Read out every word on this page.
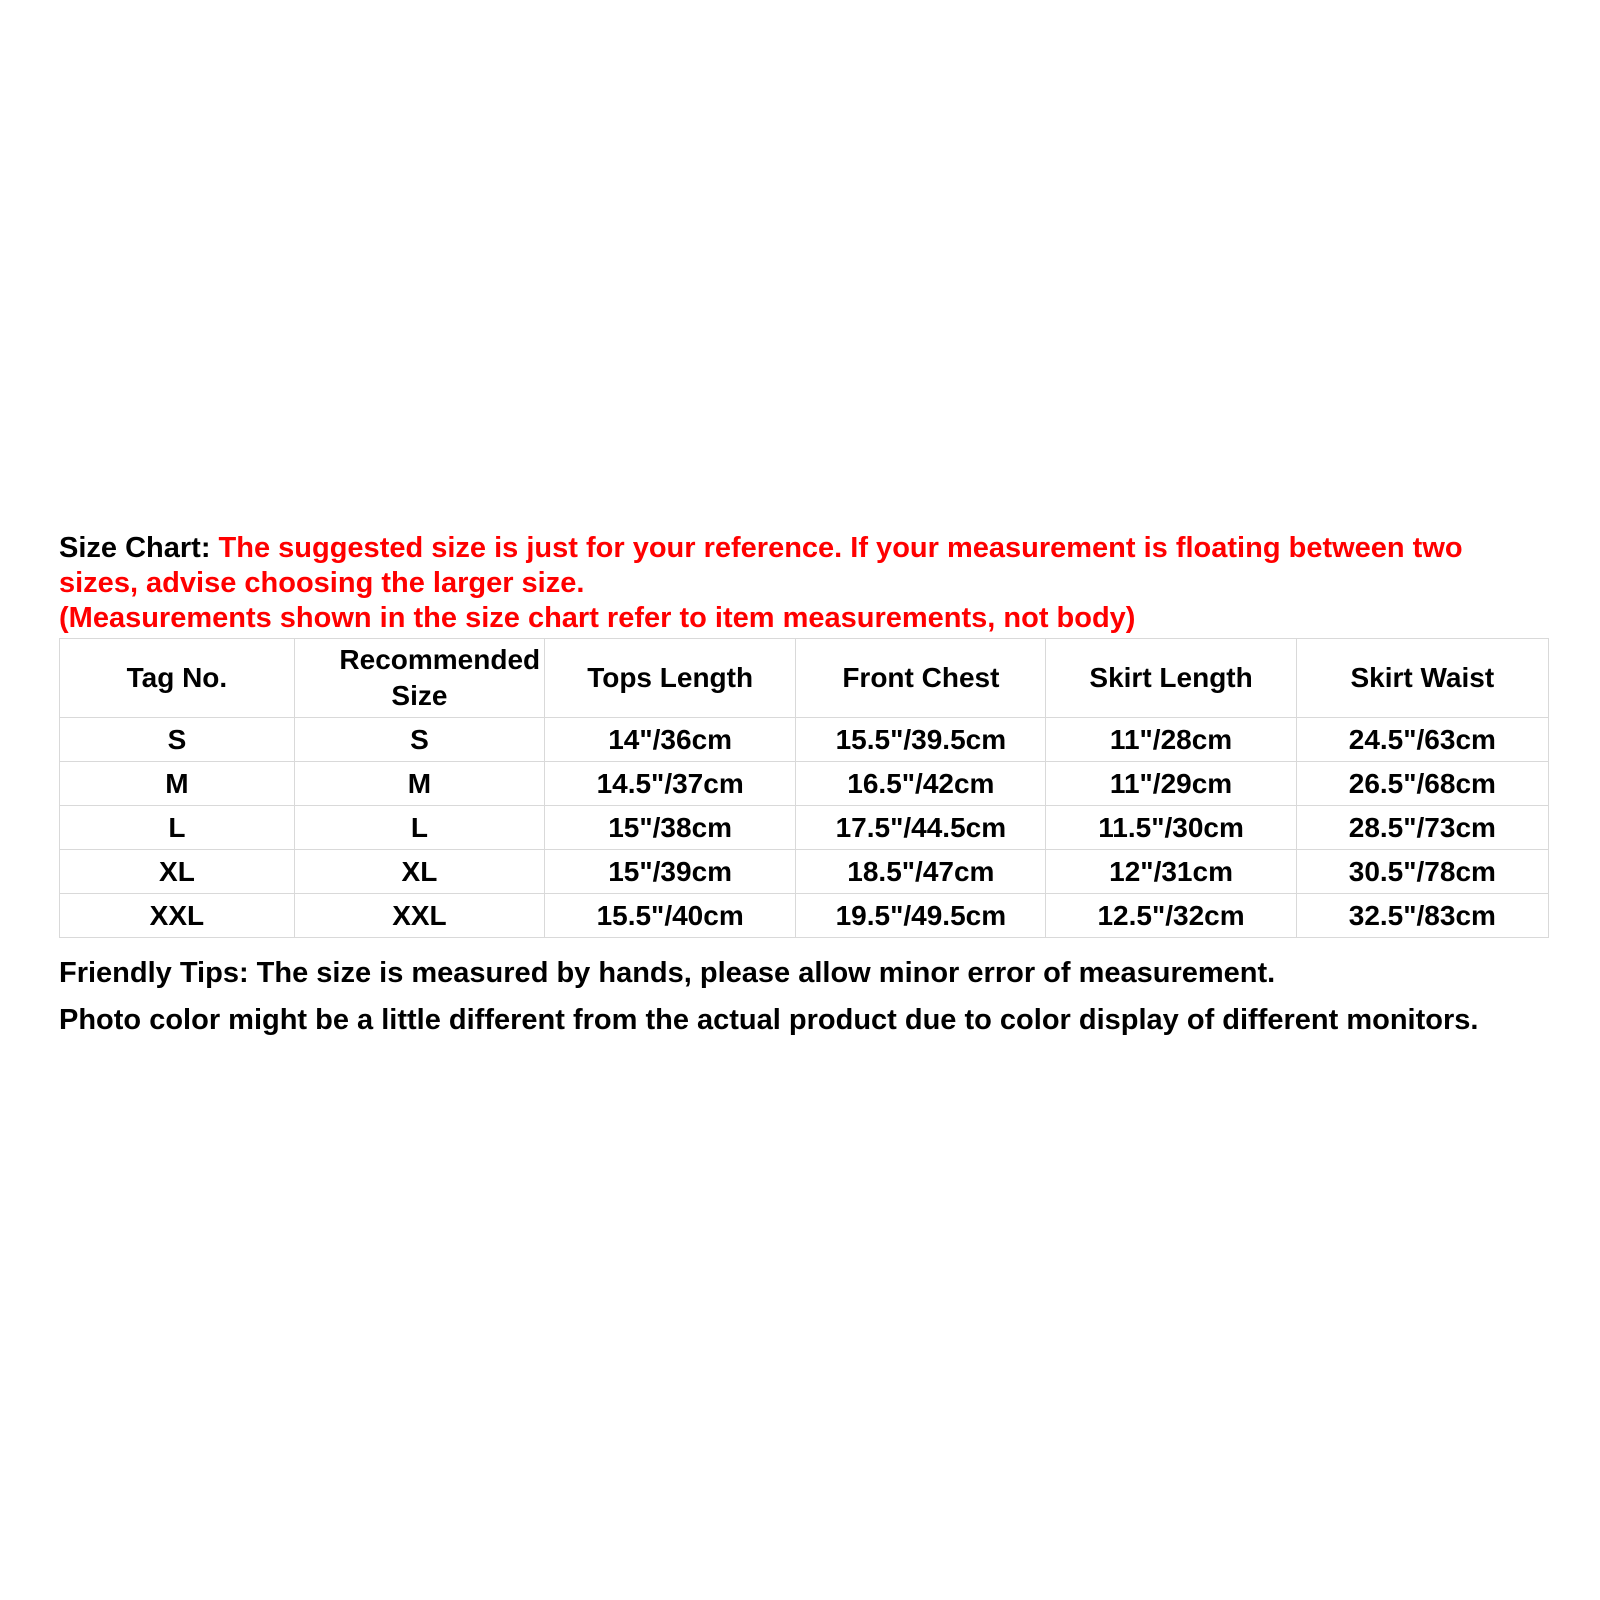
Size Chart: The suggested size is just for your reference. If your measurement is floating between two sizes, advise choosing the larger size.

(Measurements shown in the size chart refer to item measurements, not body)

Tag No.	Recommended Size	Tops Length	Front Chest	Skirt Length	Skirt Waist
S	S	14"/36cm	15.5"/39.5cm	11"/28cm	24.5"/63cm
M	M	14.5"/37cm	16.5"/42cm	11"/29cm	26.5"/68cm
L	L	15"/38cm	17.5"/44.5cm	11.5"/30cm	28.5"/73cm
XL	XL	15"/39cm	18.5"/47cm	12"/31cm	30.5"/78cm
XXL	XXL	15.5"/40cm	19.5"/49.5cm	12.5"/32cm	32.5"/83cm

Friendly Tips: The size is measured by hands, please allow minor error of measurement.

Photo color might be a little different from the actual product due to color display of different monitors.
